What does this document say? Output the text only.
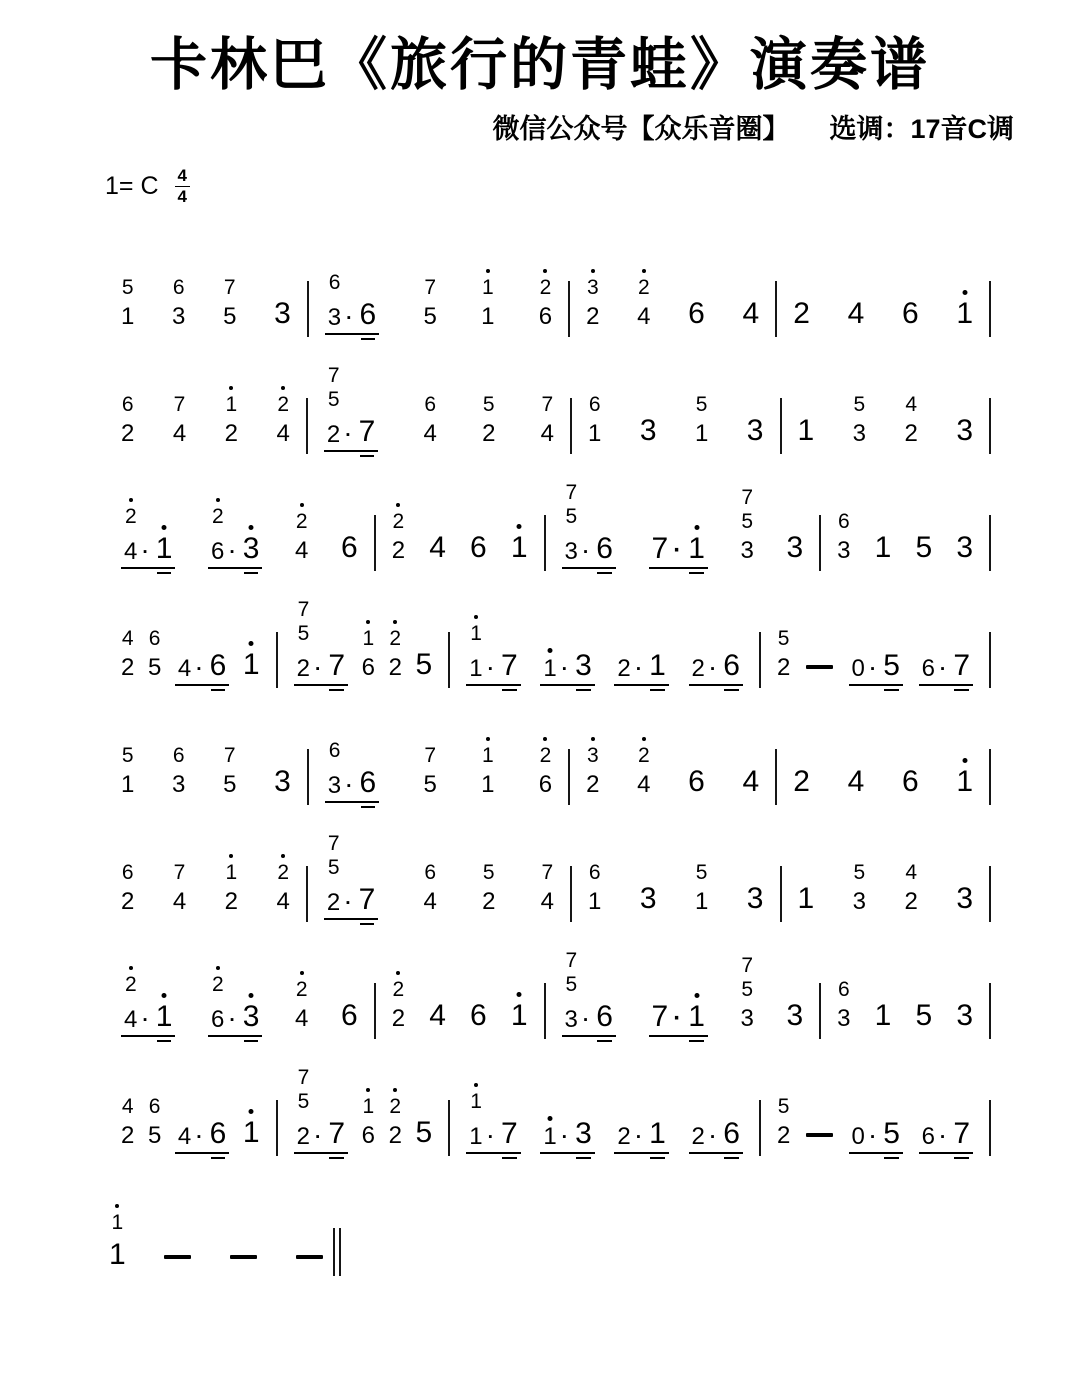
卡林巴《旅行的青蛙》演奏谱
微信公众号【众乐音圈】 选调：17音C调
1= C $\frac{4}{4}$
5
1
6
3
7
5 3
6
3 · 6
7
5
1
1
2
6
3
2
2
4 6 4 2 4 6 1
6
2
7
4
1
2
2
4
7
5
2 · 7
6
4
5
2
7
4
6
1 3
5
1 3 1
5
3
4
2 3
2
4 · 1
2
6 · 3
2
4 6
2
2 4 6 1
7
5
3 · 6 7 · 1
7
5
3 3
6
3 1 5 3
4
2
6
5 4 · 6 1
7
5
2 · 7
1
6
2
2 5
1
1 · 7 1 · 3 2 · 1 2 · 6
5
2	0 · 5 6 · 7
5
1
6
3
7
5 3
6
3 · 6
7
5
1
1
2
6
3
2
2
4 6 4 2 4 6 1
6
2
7
4
1
2
2
4
7
5
2 · 7
6
4
5
2
7
4
6
1 3
5
1 3 1
5
3
4
2 3
2
4 · 1
2
6 · 3
2
4 6
2
2 4 6 1
7
5
3 · 6 7 · 1
7
5
3 3
6
3 1 5 3
4
2
6
5 4 · 6 1
7
5
2 · 7
1
6
2
2 5
1
1 · 7 1 · 3 2 · 1 2 · 6
5
2	0 · 5 6 · 7
1
1
